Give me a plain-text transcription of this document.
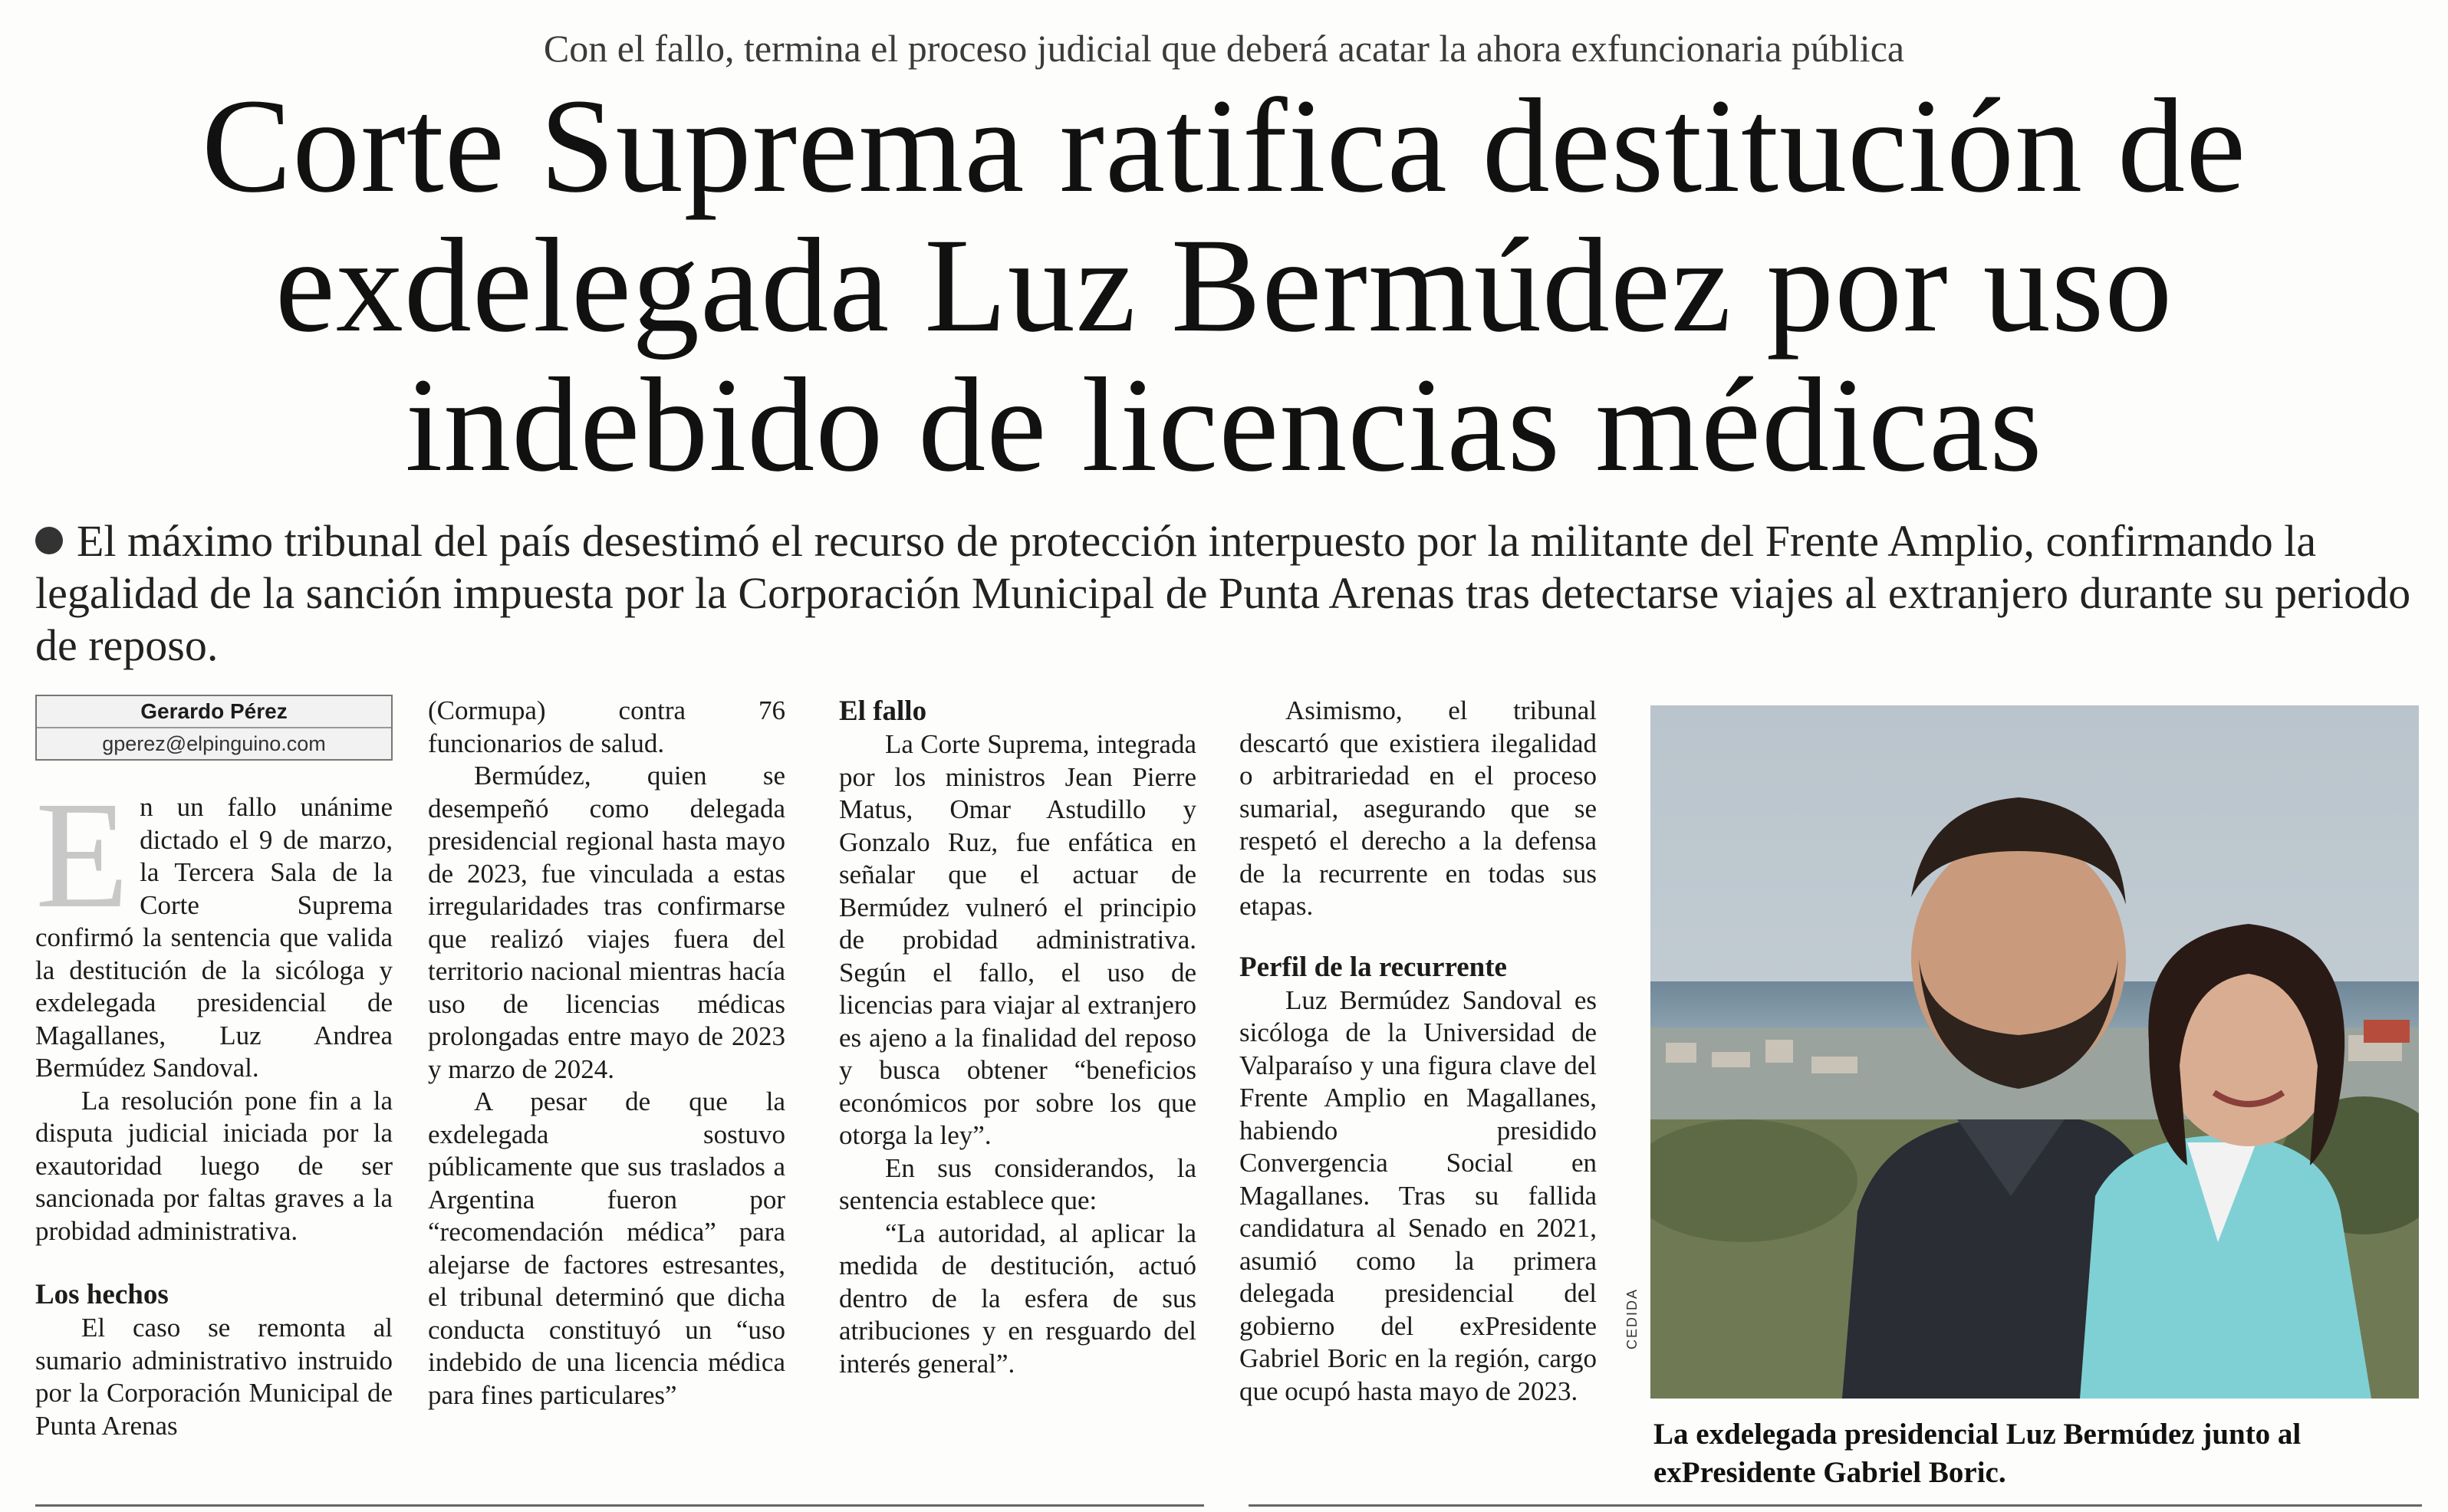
Con el fallo, termina el proceso judicial que deberá acatar la ahora exfuncionaria pública
Corte Suprema ratifica destitución de
exdelegada Luz Bermúdez por uso
indebido de licencias médicas
El máximo tribunal del país desestimó el recurso de protección interpuesto por la militante del Frente Amplio, confirmando la legalidad de la sanción impuesta por la Corporación Municipal de Punta Arenas tras detectarse viajes al extranjero durante su periodo de reposo.
Gerardo Pérez
gperez@elpinguino.com

En un fallo unánime dictado el 9 de marzo, la Tercera Sala de la Corte Suprema confirmó la sentencia que valida la destitución de la sicóloga y exdelegada presidencial de Magallanes, Luz Andrea Bermúdez Sandoval.

La resolución pone fin a la disputa judicial iniciada por la exautoridad luego de ser sancionada por faltas graves a la probidad administrativa.

Los hechos

El caso se remonta al sumario administrativo instruido por la Corporación Municipal de Punta Arenas

(Cormupa) contra 76 funcionarios de salud.

Bermúdez, quien se desempeñó como delegada presidencial regional hasta mayo de 2023, fue vinculada a estas irregularidades tras confirmarse que realizó viajes fuera del territorio nacional mientras hacía uso de licencias médicas prolongadas entre mayo de 2023 y marzo de 2024.

A pesar de que la exdelegada sostuvo públicamente que sus traslados a Argentina fueron por “recomendación médica” para alejarse de factores estresantes, el tribunal determinó que dicha conducta constituyó un “uso indebido de una licencia médica para fines particulares”

El fallo

La Corte Suprema, integrada por los ministros Jean Pierre Matus, Omar Astudillo y Gonzalo Ruz, fue enfática en señalar que el actuar de Bermúdez vulneró el principio de probidad administrativa. Según el fallo, el uso de licencias para viajar al extranjero es ajeno a la finalidad del reposo y busca obtener “beneficios económicos por sobre los que otorga la ley”.

En sus considerandos, la sentencia establece que:

“La autoridad, al aplicar la medida de destitución, actuó dentro de la esfera de sus atribuciones y en resguardo del interés general”.

Asimismo, el tribunal descartó que existiera ilegalidad o arbitrariedad en el proceso sumarial, asegurando que se respetó el derecho a la defensa de la recurrente en todas sus etapas.

Perfil de la recurrente

Luz Bermúdez Sandoval es sicóloga de la Universidad de Valparaíso y una figura clave del Frente Amplio en Magallanes, habiendo presidido Convergencia Social en Magallanes. Tras su fallida candidatura al Senado en 2021, asumió como la primera delegada presidencial del gobierno del exPresidente Gabriel Boric en la región, cargo que ocupó hasta mayo de 2023.

CEDIDA
La exdelegada presidencial Luz Bermúdez junto al exPresidente Gabriel Boric.
